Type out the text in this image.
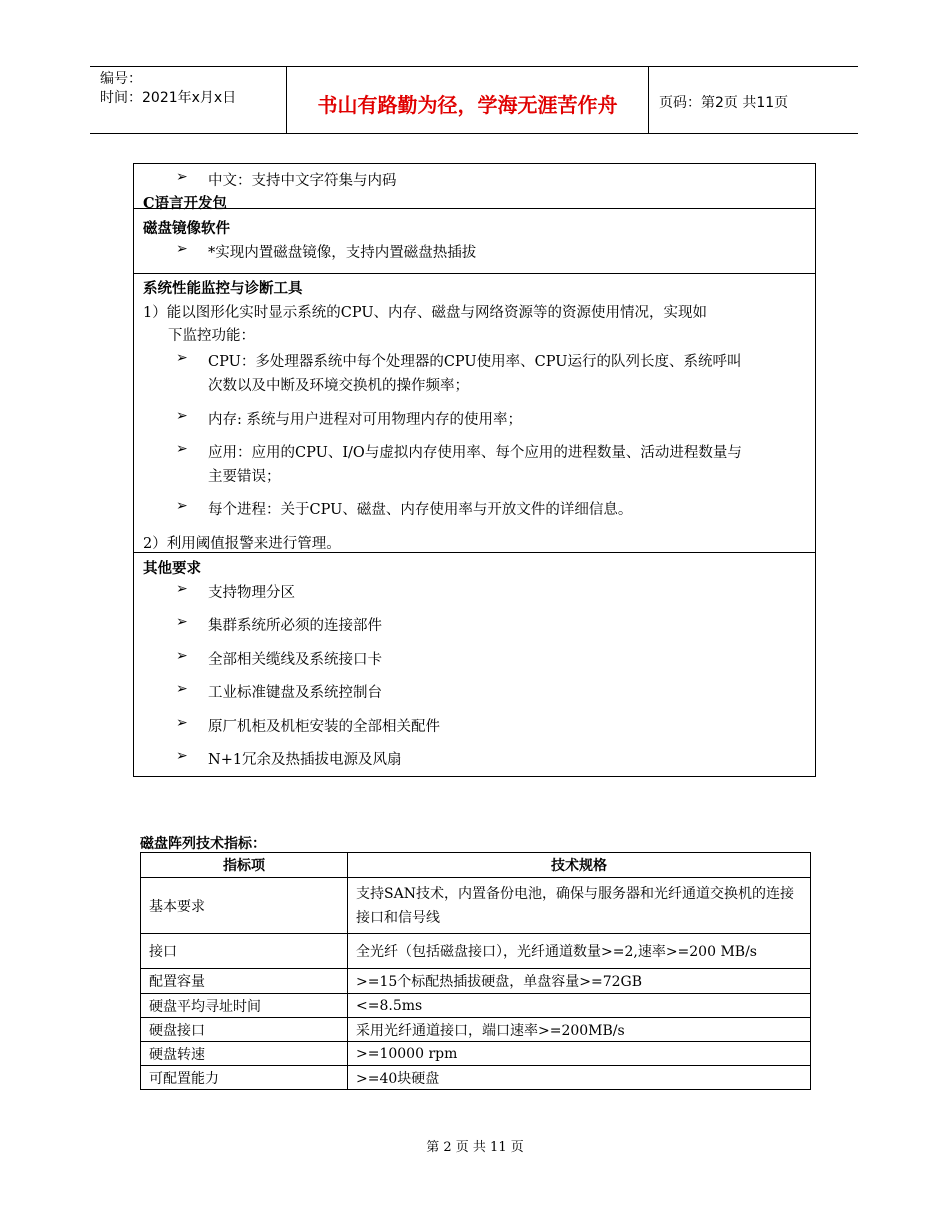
编号：
时间：2021年x月x日	书山有路勤为径，学海无涯苦作舟	页码：第2页 共11页
➢ 中文：支持中文字符集与内码
C语言开发包
磁盘镜像软件
➢ *实现内置磁盘镜像，支持内置磁盘热插拔
系统性能监控与诊断工具
1）能以图形化实时显示系统的CPU、内存、磁盘与网络资源等的资源使用情况，实现如
下监控功能：
➢ CPU：多处理器系统中每个处理器的CPU使用率、CPU运行的队列长度、系统呼叫
次数以及中断及环境交换机的操作频率；
➢ 内存: 系统与用户进程对可用物理内存的使用率；
➢ 应用：应用的CPU、I/O与虚拟内存使用率、每个应用的进程数量、活动进程数量与
主要错误；
➢ 每个进程：关于CPU、磁盘、内存使用率与开放文件的详细信息。
2）利用阈值报警来进行管理。
其他要求
➢ 支持物理分区
➢ 集群系统所必须的连接部件
➢ 全部相关缆线及系统接口卡
➢ 工业标准键盘及系统控制台
➢ 原厂机柜及机柜安装的全部相关配件
➢ N+1冗余及热插拔电源及风扇
磁盘阵列技术指标：
指标项	技术规格
基本要求	支持SAN技术，内置备份电池，确保与服务器和光纤通道交换机的连接接口和信号线
接口	全光纤（包括磁盘接口），光纤通道数量>=2,速率>=200 MB/s
配置容量	>=15个标配热插拔硬盘，单盘容量>=72GB
硬盘平均寻址时间	<=8.5ms
硬盘接口	采用光纤通道接口，端口速率>=200MB/s
硬盘转速	>=10000 rpm
可配置能力	>=40块硬盘
第 2 页 共 11 页
